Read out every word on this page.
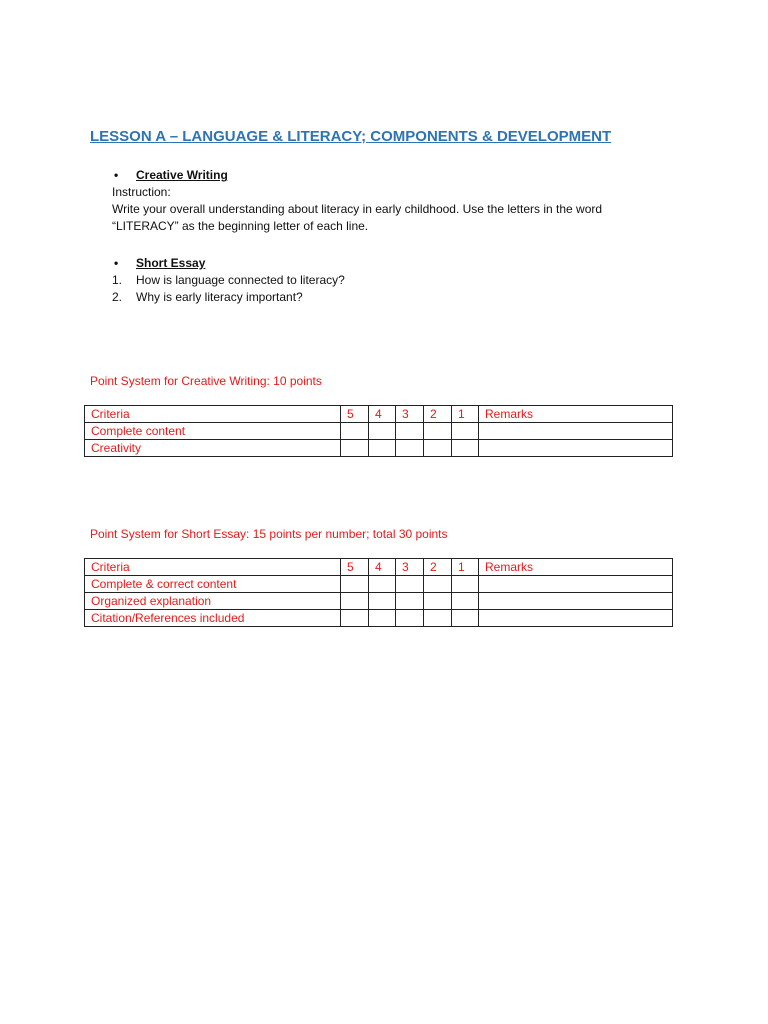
LESSON A – LANGUAGE & LITERACY; COMPONENTS & DEVELOPMENT
• Creative Writing
Instruction:
Write your overall understanding about literacy in early childhood. Use the letters in the word
“LITERACY” as the beginning letter of each line.
• Short Essay
1. How is language connected to literacy?
2. Why is early literacy important?
Point System for Creative Writing: 10 points
Criteria	5	4	3	2	1	Remarks
Complete content						
Creativity						
Point System for Short Essay: 15 points per number; total 30 points
Criteria	5	4	3	2	1	Remarks
Complete & correct content						
Organized explanation						
Citation/References included						
